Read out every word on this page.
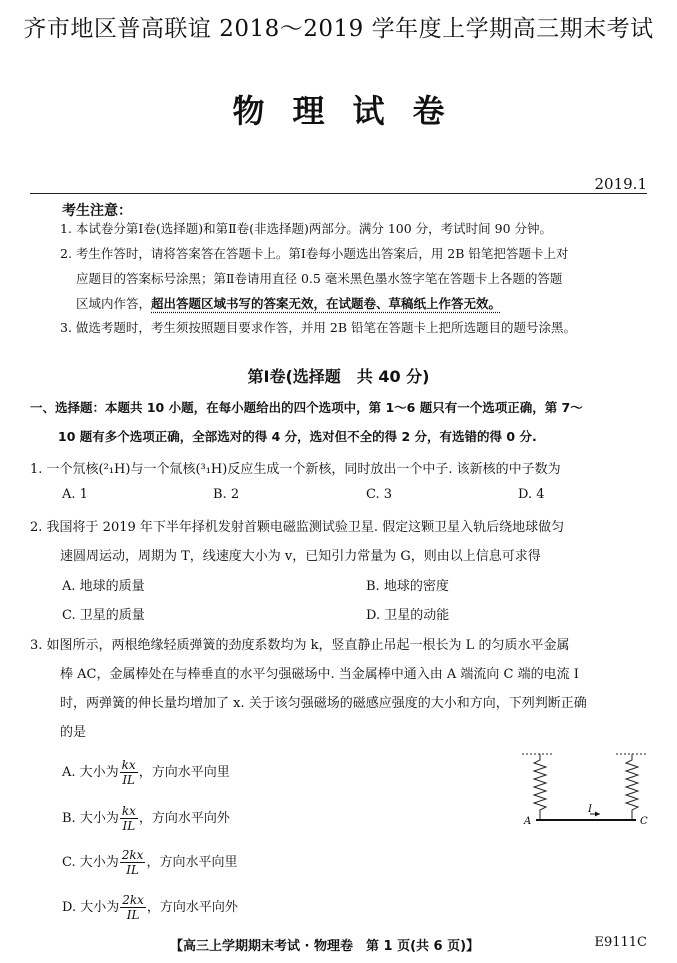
齐市地区普高联谊 2018～2019 学年度上学期高三期末考试
物理试卷
2019.1
考生注意：
1. 本试卷分第Ⅰ卷(选择题)和第Ⅱ卷(非选择题)两部分。满分 100 分，考试时间 90 分钟。
2. 考生作答时，请将答案答在答题卡上。第Ⅰ卷每小题选出答案后，用 2B 铅笔把答题卡上对
应题目的答案标号涂黑；第Ⅱ卷请用直径 0.5 毫米黑色墨水签字笔在答题卡上各题的答题
区域内作答，超出答题区域书写的答案无效，在试题卷、草稿纸上作答无效。
3. 做选考题时，考生须按照题目要求作答，并用 2B 铅笔在答题卡上把所选题目的题号涂黑。
第Ⅰ卷(选择题　共 40 分)
一、选择题：本题共 10 小题，在每小题给出的四个选项中，第 1～6 题只有一个选项正确，第 7～
10 题有多个选项正确，全部选对的得 4 分，选对但不全的得 2 分，有选错的得 0 分.
1. 一个氘核(²₁H)与一个氚核(³₁H)反应生成一个新核，同时放出一个中子. 该新核的中子数为
A. 1	B. 2	C. 3	D. 4
2. 我国将于 2019 年下半年择机发射首颗电磁监测试验卫星. 假定这颗卫星入轨后绕地球做匀
速圆周运动，周期为 T，线速度大小为 v，已知引力常量为 G，则由以上信息可求得
A. 地球的质量	B. 地球的密度
C. 卫星的质量	D. 卫星的动能
3. 如图所示，两根绝缘轻质弹簧的劲度系数均为 k，竖直静止吊起一根长为 L 的匀质水平金属
棒 AC，金属棒处在与棒垂直的水平匀强磁场中. 当金属棒中通入由 A 端流向 C 端的电流 I
时，两弹簧的伸长量均增加了 x. 关于该匀强磁场的磁感应强度的大小和方向，下列判断正确
的是
A. 大小为 $\frac{kx}{IL}$ ，方向水平向里
B. 大小为 $\frac{kx}{IL}$ ，方向水平向外
C. 大小为 $\frac{2kx}{IL}$ ，方向水平向里
D. 大小为 $\frac{2kx}{IL}$ ，方向水平向外
A	C
I
【高三上学期期末考试 · 物理卷　第 1 页(共 6 页)】	E9111C
